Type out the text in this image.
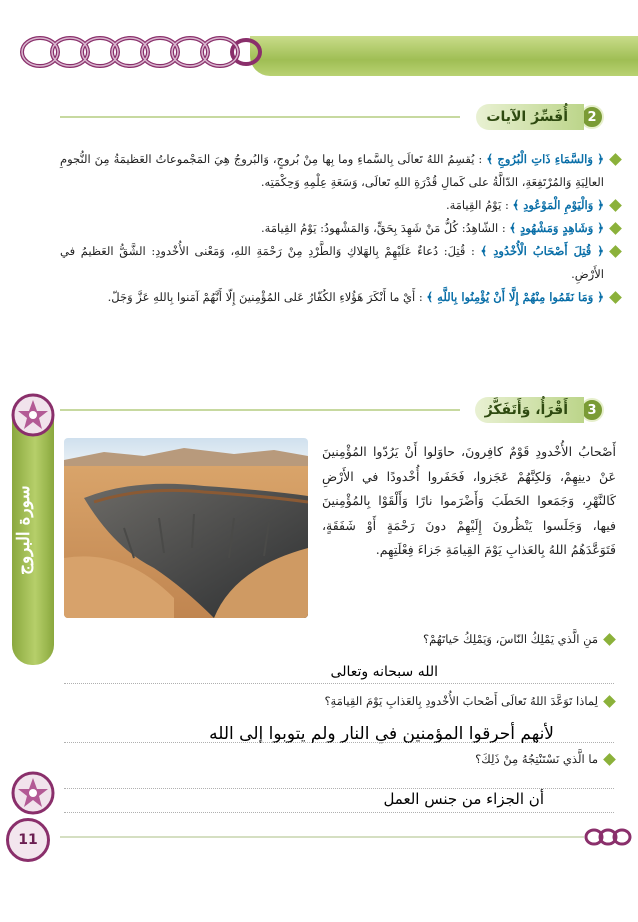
سورة البروج
11
2
أُفَسِّرُ الآيات
﴿ وَالسَّمَاءِ ذَاتِ الْبُرُوجِ ﴾ : يُقسِمُ اللهُ تَعالَى بِالسَّماءِ وما بِها مِنْ بُروجٍ، وَالبُروجُ هِيَ المَجْموعاتُ العَظيمَةُ مِنَ النُّجومِ العالِيَةِ وَالمُرْتَفِعَةِ، الدّالَّةُ على كَمالِ قُدْرَةِ اللهِ تَعالَى، وَسَعَةِ عِلْمِهِ وَحِكْمَتِه.
﴿ وَالْيَوْمِ الْمَوْعُودِ ﴾ : يَوْمُ القِيامَة.
﴿ وَشَاهِدٍ وَمَشْهُودٍ ﴾ : الشّاهِدُ: كُلُّ مَنْ شَهِدَ بِحَقٍّ، وَالمَشْهودُ: يَوْمُ القِيامَة.
﴿ قُتِلَ أَصْحَابُ الْأُخْدُودِ ﴾ : قُتِلَ: دُعاءٌ عَلَيْهِمْ بِالهَلاكِ وَالطَّرْدِ مِنْ رَحْمَةِ اللهِ، وَمَعْنى الأُخْدودِ: الشَّقُّ العَظيمُ في الأَرْضِ.
﴿ وَمَا نَقَمُوا مِنْهُمْ إِلَّا أَنْ يُؤْمِنُوا بِاللَّهِ ﴾ : أَيْ ما أَنْكَرَ هَؤُلاءِ الكُفّارُ عَلى المُؤْمِنينَ إِلّا أَنَّهُمْ آمَنوا بِاللهِ عَزَّ وَجَلّ.
3
أَقْرَأُ، وَأَتَفَكَّرُ
أَصْحابُ الأُخْدودِ قَوْمٌ كافِرونَ، حاوَلوا أَنْ يَرُدّوا المُؤْمِنينَ عَنْ دينِهِمْ، وَلكِنَّهُمْ عَجَزوا، فَحَفَروا أُخْدودًا في الأَرْضِ كَالنَّهْرِ، وَجَمَعوا الحَطَبَ وَأَضْرَموا نارًا وَأَلْقَوْا بِالمُؤْمِنينَ فيها، وَجَلَسوا يَنْظُرونَ إِلَيْهِمْ دونَ رَحْمَةٍ أَوْ شَفَقَةٍ، فَتَوَعَّدَهُمُ اللهُ بِالعَذابِ يَوْمَ القِيامَةِ جَزاءَ فِعْلَتِهِم.
مَنِ الَّذي يَمْلِكُ النّاسَ، وَيَمْلِكُ حَياتَهُمْ؟
الله سبحانه وتعالى
لِماذا تَوَعَّدَ اللهُ تَعالَى أَصْحابَ الأُخْدودِ بِالعَذابِ يَوْمَ القِيامَةِ؟
لأنهم أحرقوا المؤمنين في النار ولم يتوبوا إلى الله
ما الَّذي نَسْتَنْتِجُهُ مِنْ ذَلِكَ؟
أن الجزاء من جنس العمل
